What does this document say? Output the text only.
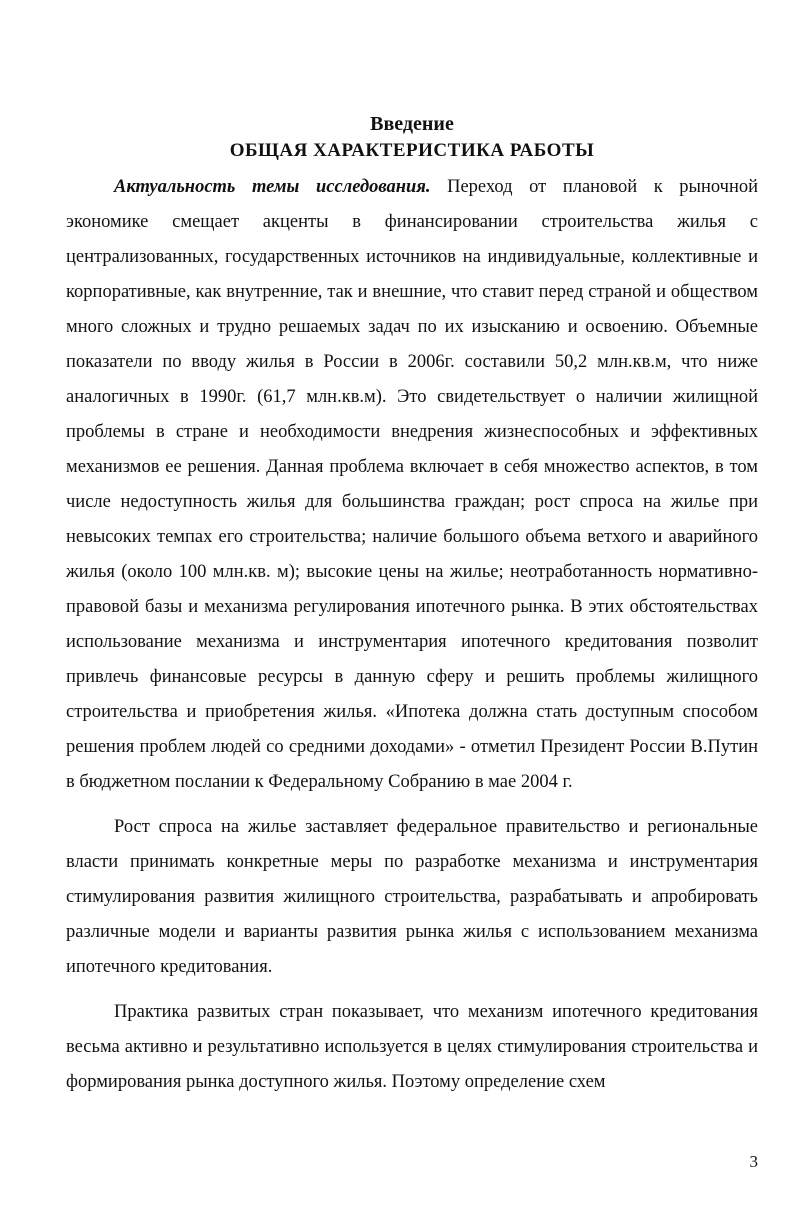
Введение
ОБЩАЯ ХАРАКТЕРИСТИКА РАБОТЫ

Актуальность темы исследования. Переход от плановой к рыночной экономике смещает акценты в финансировании строительства жилья с централизованных, государственных источников на индивидуальные, коллективные и корпоративные, как внутренние, так и внешние, что ставит перед страной и обществом много сложных и трудно решаемых задач по их изысканию и освоению. Объемные показатели по вводу жилья в России в 2006г. составили 50,2 млн.кв.м, что ниже аналогичных в 1990г. (61,7 млн.кв.м). Это свидетельствует о наличии жилищной проблемы в стране и необходимости внедрения жизнеспособных и эффективных механизмов ее решения. Данная проблема включает в себя множество аспектов, в том числе недоступность жилья для большинства граждан; рост спроса на жилье при невысоких темпах его строительства; наличие большого объема ветхого и аварийного жилья (около 100 млн.кв. м); высокие цены на жилье; неотработанность нормативно-правовой базы и механизма регулирования ипотечного рынка. В этих обстоятельствах использование механизма и инструментария ипотечного кредитования позволит привлечь финансовые ресурсы в данную сферу и решить проблемы жилищного строительства и приобретения жилья. «Ипотека должна стать доступным способом решения проблем людей со средними доходами» - отметил Президент России В.Путин в бюджетном послании к Федеральному Собранию в мае 2004 г.

Рост спроса на жилье заставляет федеральное правительство и региональные власти принимать конкретные меры по разработке механизма и инструментария стимулирования развития жилищного строительства, разрабатывать и апробировать различные модели и варианты развития рынка жилья с использованием механизма ипотечного кредитования.

Практика развитых стран показывает, что механизм ипотечного кредитования весьма активно и результативно используется в целях стимулирования строительства и формирования рынка доступного жилья. Поэтому определение схем

3
